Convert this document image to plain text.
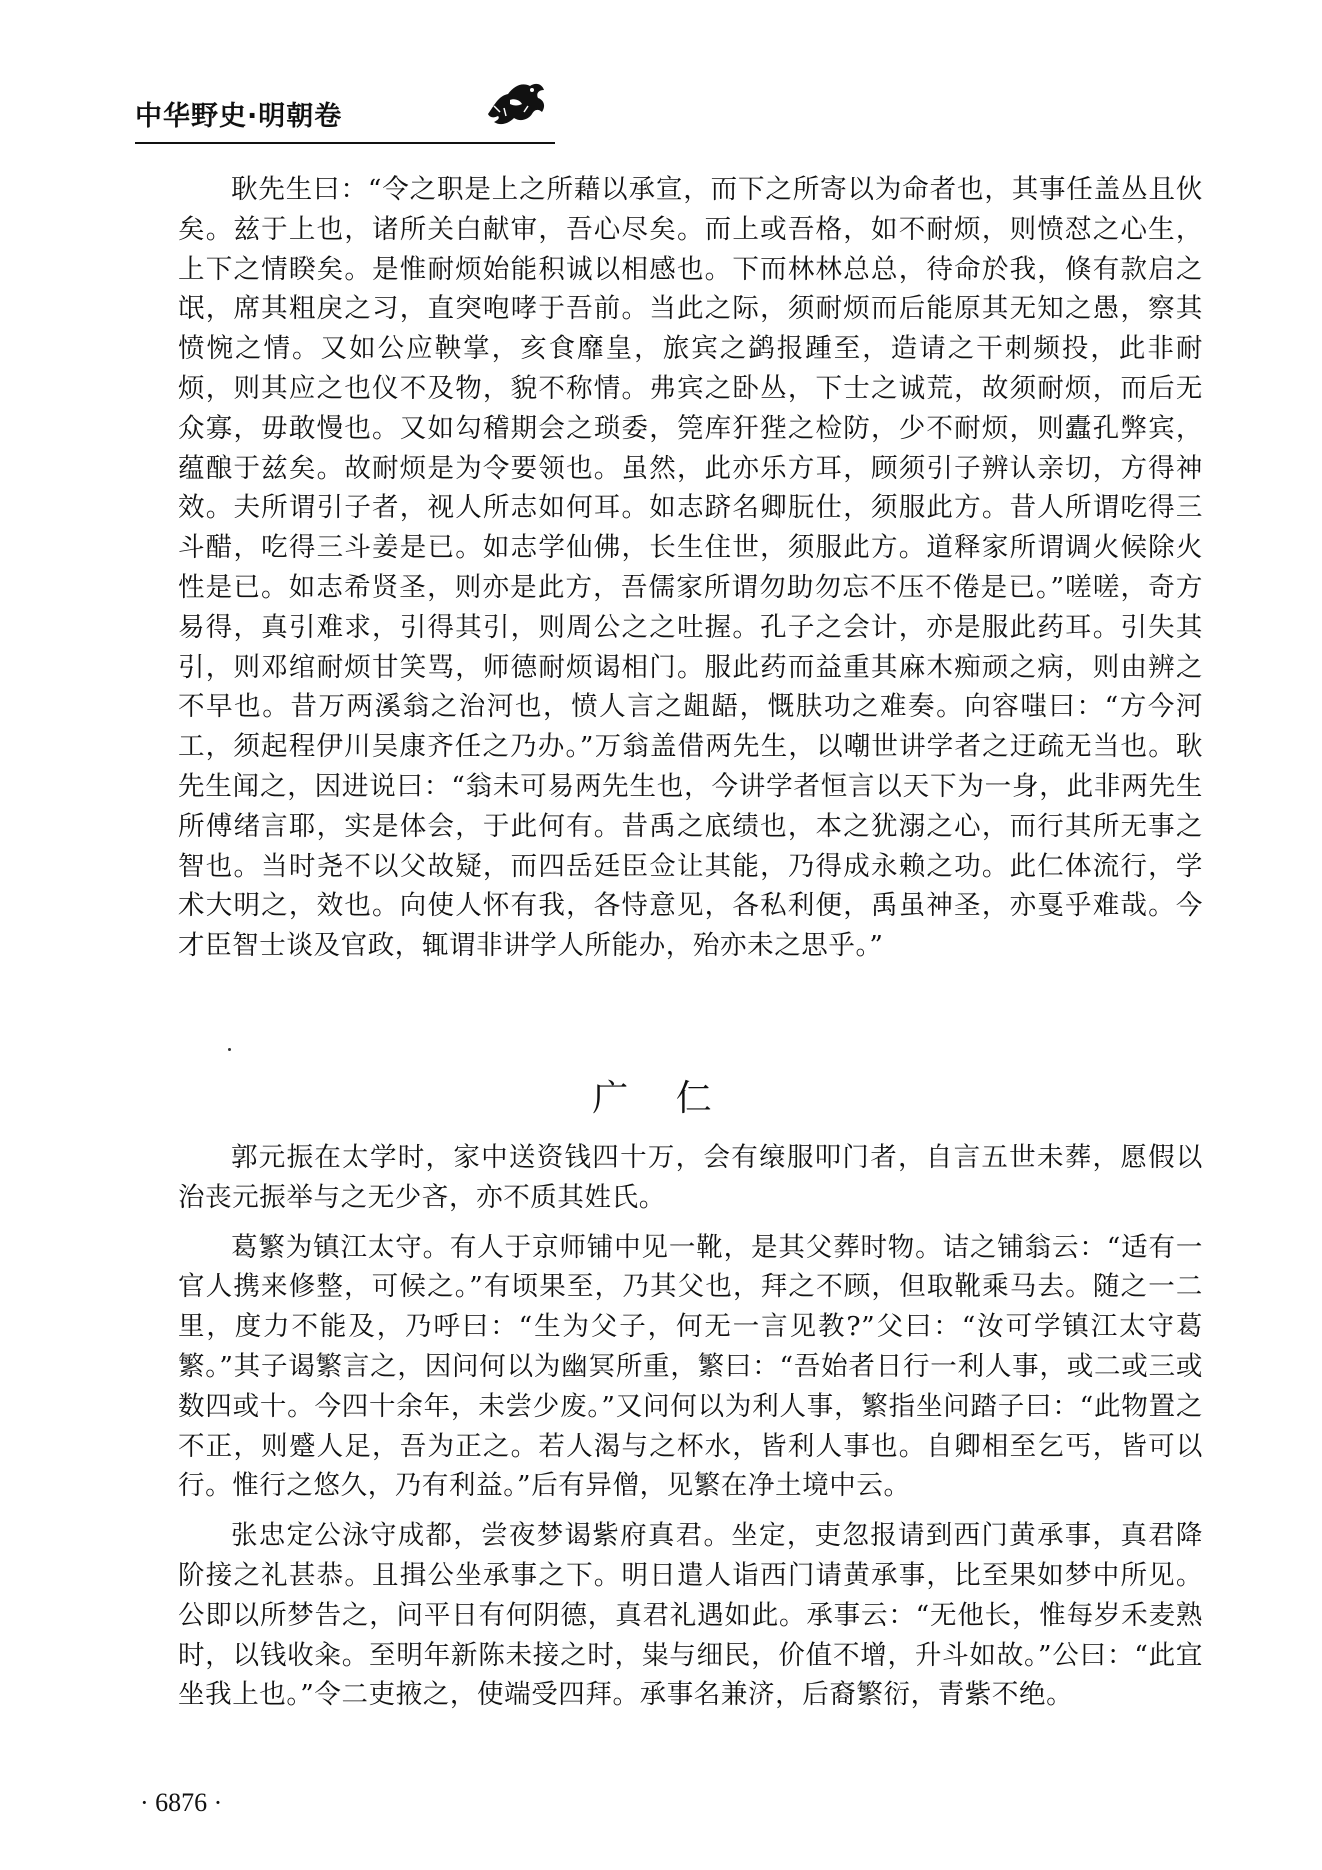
中华野史·明朝卷

耿先生曰：“令之职是上之所藉以承宣，而下之所寄以为命者也，其事任盖丛且伙矣。兹于上也，诸所关白献审，吾心尽矣。而上或吾格，如不耐烦，则愤怼之心生，上下之情睽矣。是惟耐烦始能积诚以相感也。下而林林总总，待命於我，倏有款启之氓，席其粗戾之习，直突咆哮于吾前。当此之际，须耐烦而后能原其无知之愚，察其愤惋之情。又如公应鞅掌，亥食靡皇，旅宾之鹢报踵至，造请之干刺频投，此非耐烦，则其应之也仪不及物，貌不称情。弗宾之卧丛，下士之诚荒，故须耐烦，而后无众寡，毋敢慢也。又如勾稽期会之琐委，筦库犴狴之检防，少不耐烦，则蠹孔弊宾，蕴酿于兹矣。故耐烦是为令要领也。虽然，此亦乐方耳，顾须引子辨认亲切，方得神效。夫所谓引子者，视人所志如何耳。如志跻名卿朊仕，须服此方。昔人所谓吃得三斗醋，吃得三斗姜是已。如志学仙佛，长生住世，须服此方。道释家所谓调火候除火性是已。如志希贤圣，则亦是此方，吾儒家所谓勿助勿忘不压不倦是已。”嗟嗟，奇方易得，真引难求，引得其引，则周公之之吐握。孔子之会计，亦是服此药耳。引失其引，则邓绾耐烦甘笑骂，师德耐烦谒相门。服此药而益重其麻木痴顽之病，则由辨之不早也。昔万两溪翁之治河也，愤人言之龃龉，慨肤功之难奏。向容嗤曰：“方今河工，须起程伊川吴康齐任之乃办。”万翁盖借两先生，以嘲世讲学者之迂疏无当也。耿先生闻之，因进说曰：“翁未可易两先生也，今讲学者恒言以天下为一身，此非两先生所傅绪言耶，实是体会，于此何有。昔禹之底绩也，本之犹溺之心，而行其所无事之智也。当时尧不以父故疑，而四岳廷臣佥让其能，乃得成永赖之功。此仁体流行，学术大明之，效也。向使人怀有我，各恃意见，各私利便，禹虽神圣，亦戛乎难哉。今才臣智士谈及官政，辄谓非讲学人所能办，殆亦未之思乎。”

广 仁

郭元振在太学时，家中送资钱四十万，会有缞服叩门者，自言五世未葬，愿假以治丧元振举与之无少吝，亦不质其姓氏。

葛繁为镇江太守。有人于京师铺中见一靴，是其父葬时物。诘之铺翁云：“适有一官人携来修整，可候之。”有顷果至，乃其父也，拜之不顾，但取靴乘马去。随之一二里，度力不能及，乃呼曰：“生为父子，何无一言见教?”父曰：“汝可学镇江太守葛繁。”其子谒繁言之，因问何以为幽冥所重，繁曰：“吾始者日行一利人事，或二或三或数四或十。今四十余年，未尝少废。”又问何以为利人事，繁指坐问踏子曰：“此物置之不正，则蹙人足，吾为正之。若人渴与之杯水，皆利人事也。自卿相至乞丐，皆可以行。惟行之悠久，乃有利益。”后有异僧，见繁在净土境中云。

张忠定公泳守成都，尝夜梦谒紫府真君。坐定，吏忽报请到西门黄承事，真君降阶接之礼甚恭。且揖公坐承事之下。明日遣人诣西门请黄承事，比至果如梦中所见。公即以所梦告之，问平日有何阴德，真君礼遇如此。承事云：“无他长，惟每岁禾麦熟时，以钱收籴。至明年新陈未接之时，粜与细民，价值不增，升斗如故。”公曰：“此宜坐我上也。”令二吏掖之，使端受四拜。承事名兼济，后裔繁衍，青紫不绝。

· 6876 ·
